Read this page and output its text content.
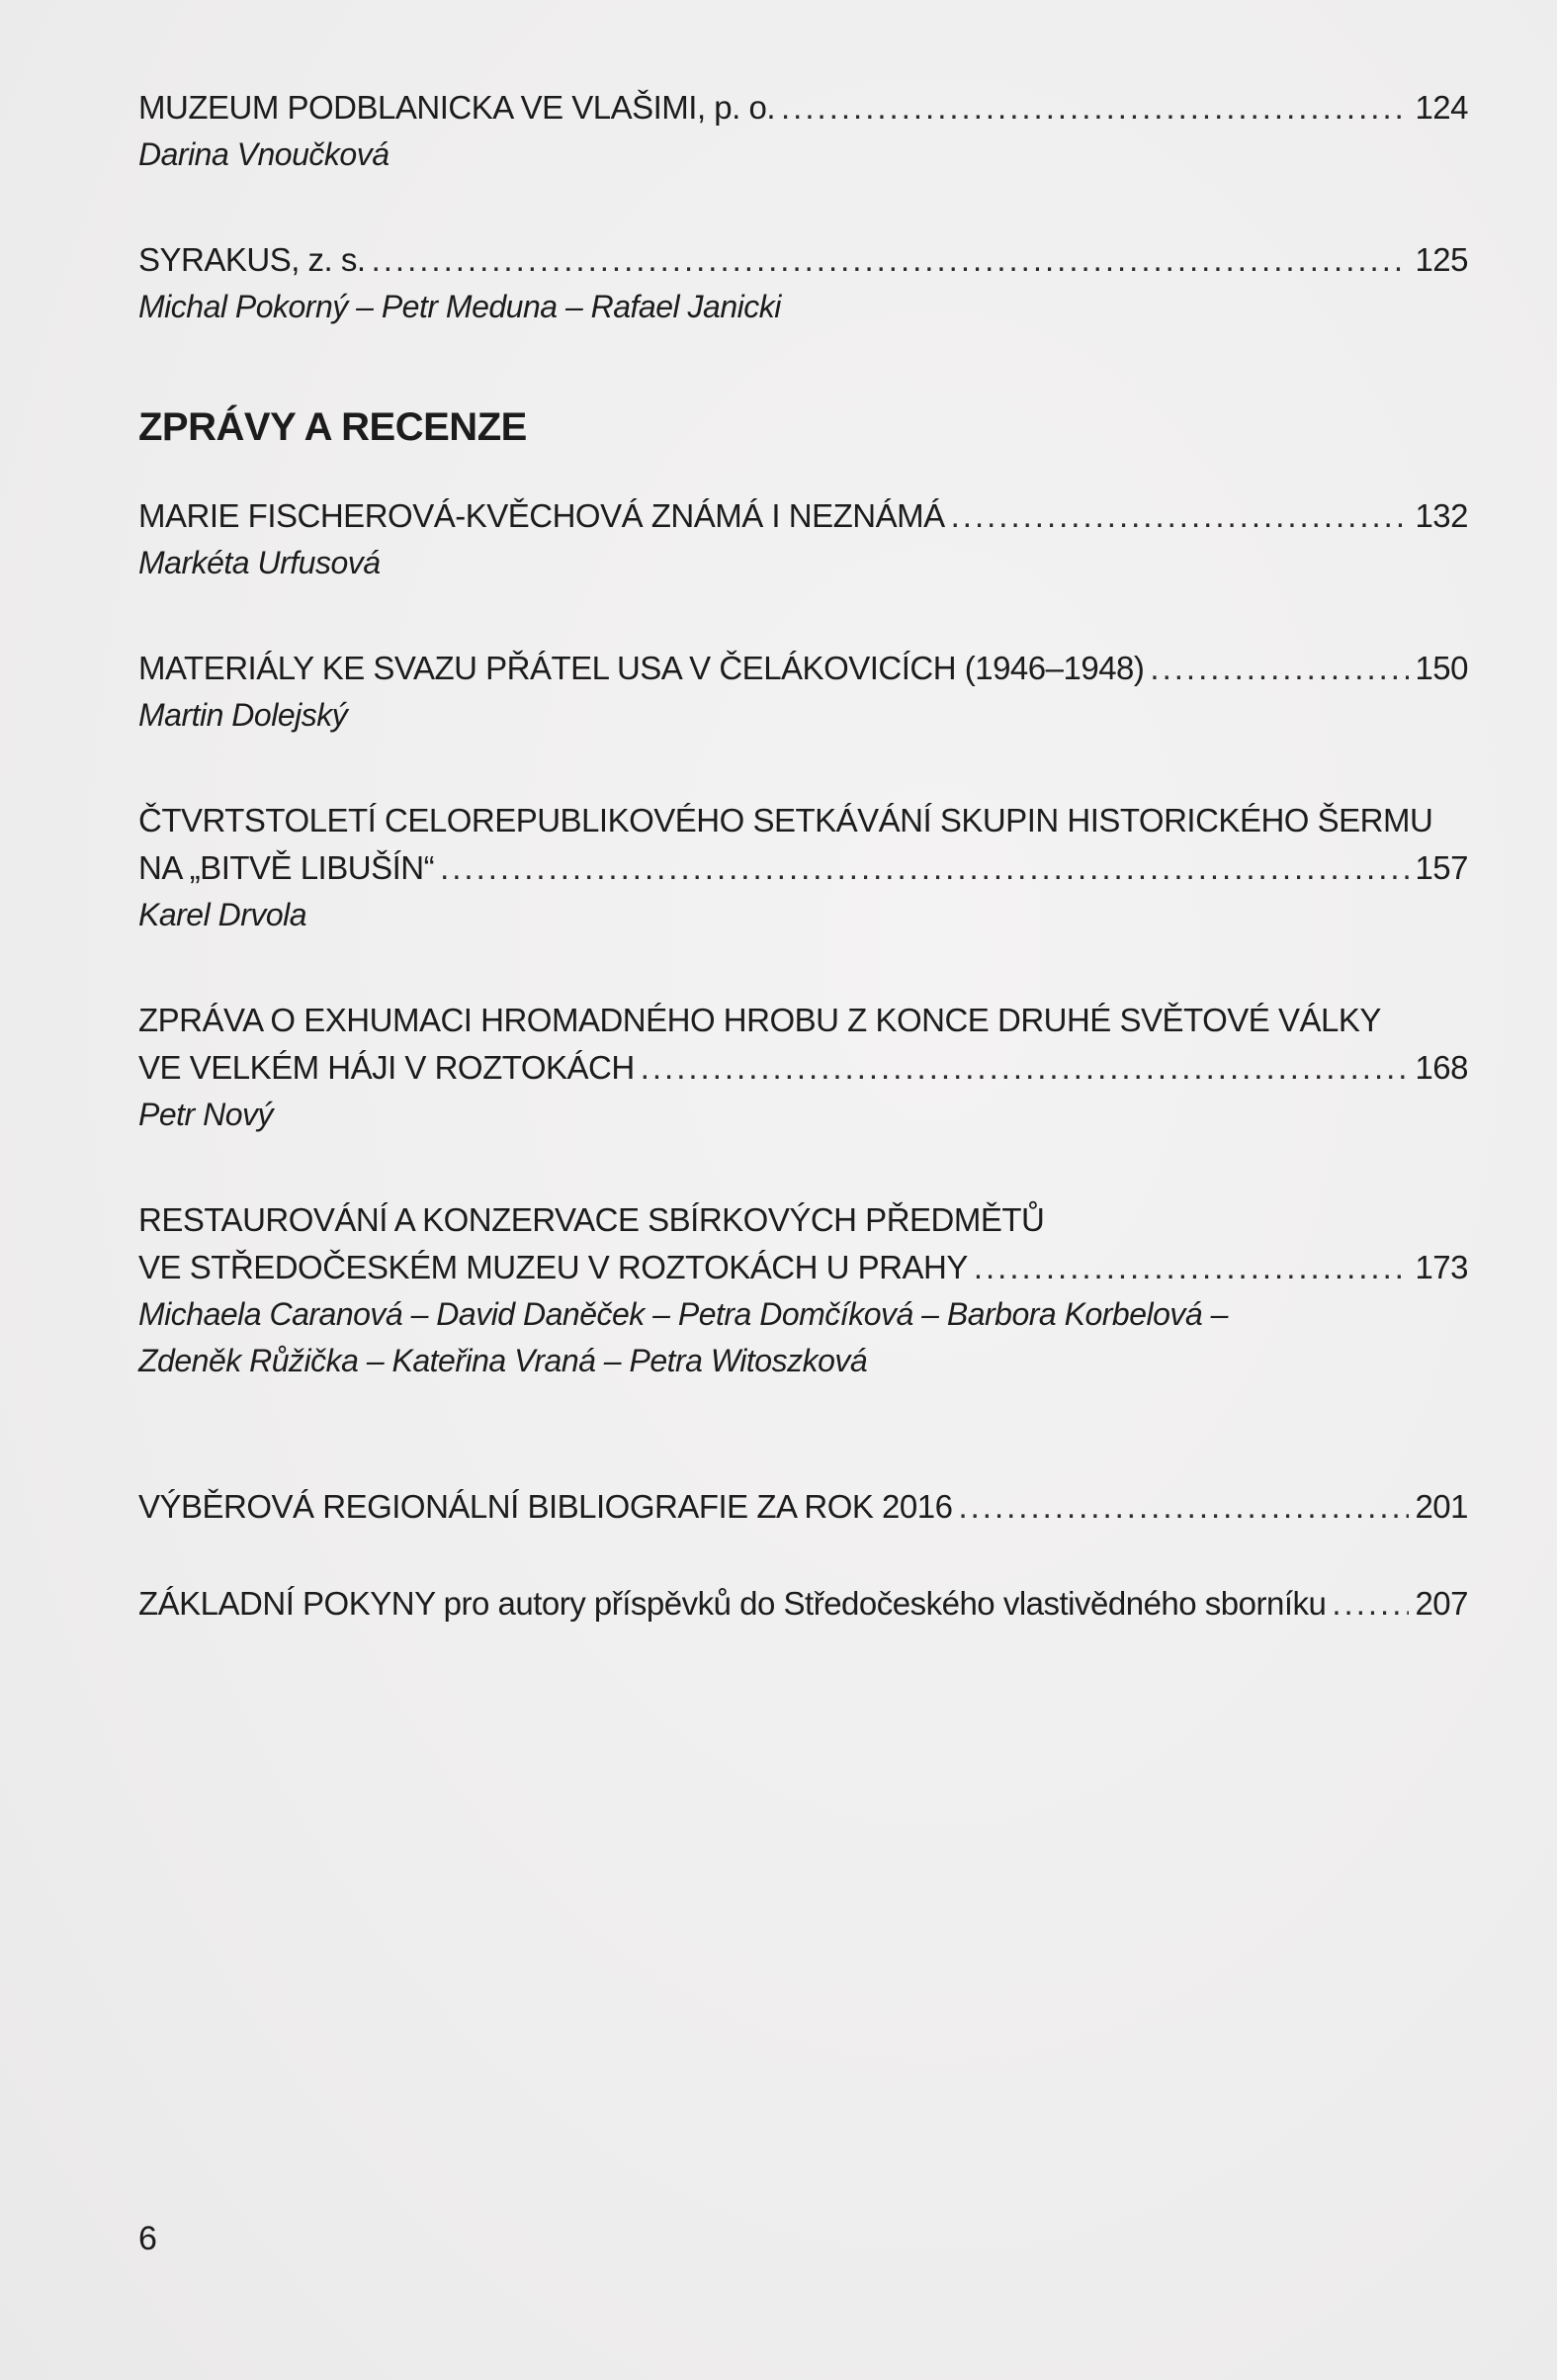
MUZEUM PODBLANICKA VE VLAŠIMI, p. o. .....	124
Darina Vnoučková
SYRAKUS, z. s. .....	125
Michal Pokorný – Petr Meduna – Rafael Janicki
ZPRÁVY A RECENZE
MARIE FISCHEROVÁ-KVĚCHOVÁ ZNÁMÁ I NEZNÁMÁ .....	132
Markéta Urfusová
MATERIÁLY KE SVAZU PŘÁTEL USA V ČELÁKOVICÍCH (1946–1948) .....	150
Martin Dolejský
ČTVRTSTOLETÍ CELOREPUBLIKOVÉHO SETKÁVÁNÍ SKUPIN HISTORICKÉHO ŠERMU
NA „BITVĚ LIBUŠÍN“ .....	157
Karel Drvola
ZPRÁVA O EXHUMACI HROMADNÉHO HROBU Z KONCE DRUHÉ SVĚTOVÉ VÁLKY
VE VELKÉM HÁJI V ROZTOKÁCH .....	168
Petr Nový
RESTAUROVÁNÍ A KONZERVACE SBÍRKOVÝCH PŘEDMĚTŮ
VE STŘEDOČESKÉM MUZEU V ROZTOKÁCH U PRAHY .....	173
Michaela Caranová – David Daněček – Petra Domčíková – Barbora Korbelová –
Zdeněk Růžička – Kateřina Vraná – Petra Witoszková
VÝBĚROVÁ REGIONÁLNÍ BIBLIOGRAFIE ZA ROK 2016 .....	201
ZÁKLADNÍ POKYNY pro autory příspěvků do Středočeského vlastivědného sborníku .....	207
6
